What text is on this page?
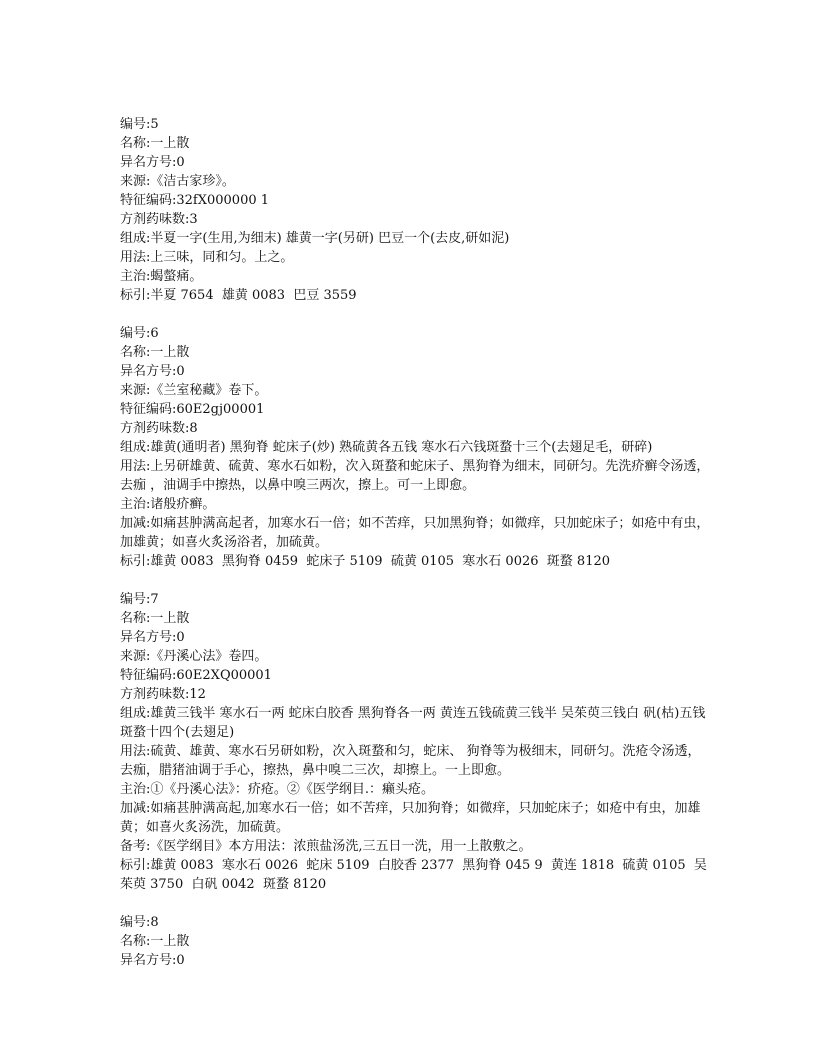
编号:5
名称:一上散
异名方号:0
来源:《洁古家珍》。
特征编码:32fX000000 1
方剂药味数:3
组成:半夏一字(生用,为细末) 雄黄一字(另研) 巴豆一个(去皮,研如泥)
用法:上三味，同和匀。上之。
主治:蝎螫痛。
标引:半夏 7654  雄黄 0083  巴豆 3559
编号:6
名称:一上散
异名方号:0
来源:《兰室秘藏》卷下。
特征编码:60E2gj00001
方剂药味数:8
组成:雄黄(通明者) 黑狗脊 蛇床子(炒) 熟硫黄各五钱 寒水石六钱斑蝥十三个(去翅足毛，研碎)
用法:上另研雄黄、硫黄、寒水石如粉，次入斑蝥和蛇床子、黑狗脊为细末，同研匀。先洗疥癣令汤透，去痂 ，油调手中擦热，以鼻中嗅三两次，擦上。可一上即愈。
主治:诸般疥癣。
加减:如痛甚肿满高起者，加寒水石一倍；如不苦痒，只加黑狗脊；如微痒，只加蛇床子；如疮中有虫，加雄黄；如喜火炙汤浴者，加硫黄。
标引:雄黄 0083  黑狗脊 0459  蛇床子 5109  硫黄 0105  寒水石 0026  斑蝥 8120
编号:7
名称:一上散
异名方号:0
来源:《丹溪心法》卷四。
特征编码:60E2XQ00001
方剂药味数:12
组成:雄黄三钱半 寒水石一两 蛇床白胶香 黑狗脊各一两 黄连五钱硫黄三钱半 吴茱萸三钱白 矾(枯)五钱 斑蝥十四个(去翅足)
用法:硫黄、雄黄、寒水石另研如粉，次入斑蝥和匀，蛇床、 狗脊等为极细末，同研匀。洗疮令汤透，去痂，腊猪油调于手心，擦热，鼻中嗅二三次，却擦上。一上即愈。
主治:①《丹溪心法》：疥疮。②《医学纲目.：癞头疮。
加减:如痛甚肿满高起,加寒水石一倍；如不苦痒，只加狗脊；如微痒，只加蛇床子；如疮中有虫，加雄黄；如喜火炙汤洗，加硫黄。
备考:《医学纲目》本方用法：浓煎盐汤洗,三五日一洗，用一上散敷之。
标引:雄黄 0083  寒水石 0026  蛇床 5109  白胶香 2377  黑狗脊 045 9  黄连 1818  硫黄 0105  吴茱萸 3750  白矾 0042  斑蝥 8120
编号:8
名称:一上散
异名方号:0
